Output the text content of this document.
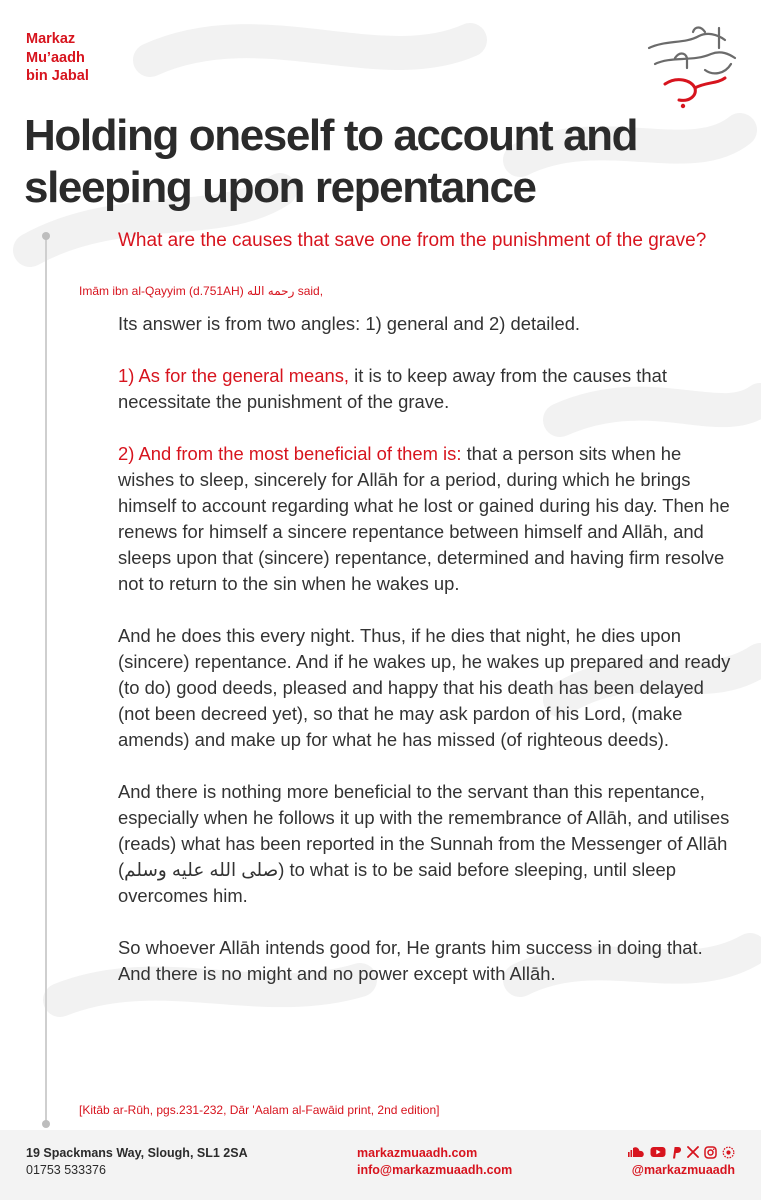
Markaz
Mu’aadh
bin Jabal
Holding oneself to account and sleeping upon repentance
What are the causes that save one from the punishment of the grave?
Imām ibn al-Qayyim (d.751AH) رحمه الله said,

Its answer is from two angles: 1) general and 2) detailed.

1) As for the general means, it is to keep away from the causes that necessitate the punishment of the grave.

2) And from the most beneficial of them is: that a person sits when he wishes to sleep, sincerely for Allāh for a period, during which he brings himself to account regarding what he lost or gained during his day. Then he renews for himself a sincere repentance between himself and Allāh, and sleeps upon that (sincere) repentance, determined and having firm resolve not to return to the sin when he wakes up.

And he does this every night. Thus, if he dies that night, he dies upon (sincere) repentance. And if he wakes up, he wakes up prepared and ready (to do) good deeds, pleased and happy that his death has been delayed (not been decreed yet), so that he may ask pardon of his Lord, (make amends) and make up for what he has missed (of righteous deeds).

And there is nothing more beneficial to the servant than this repentance, especially when he follows it up with the remembrance of Allāh, and utilises (reads) what has been reported in the Sunnah from the Messenger of Allāh (صلى الله عليه وسلم) to what is to be said before sleeping, until sleep overcomes him.

So whoever Allāh intends good for, He grants him success in doing that. And there is no might and no power except with Allāh.

[Kitāb ar-Rūh, pgs.231-232, Dār 'Aalam al-Fawāid print, 2nd edition]
19 Spackmans Way, Slough, SL1 2SA
01753 533376
markazmuaadh.com
info@markazmuaadh.com	@markazmuaadh
